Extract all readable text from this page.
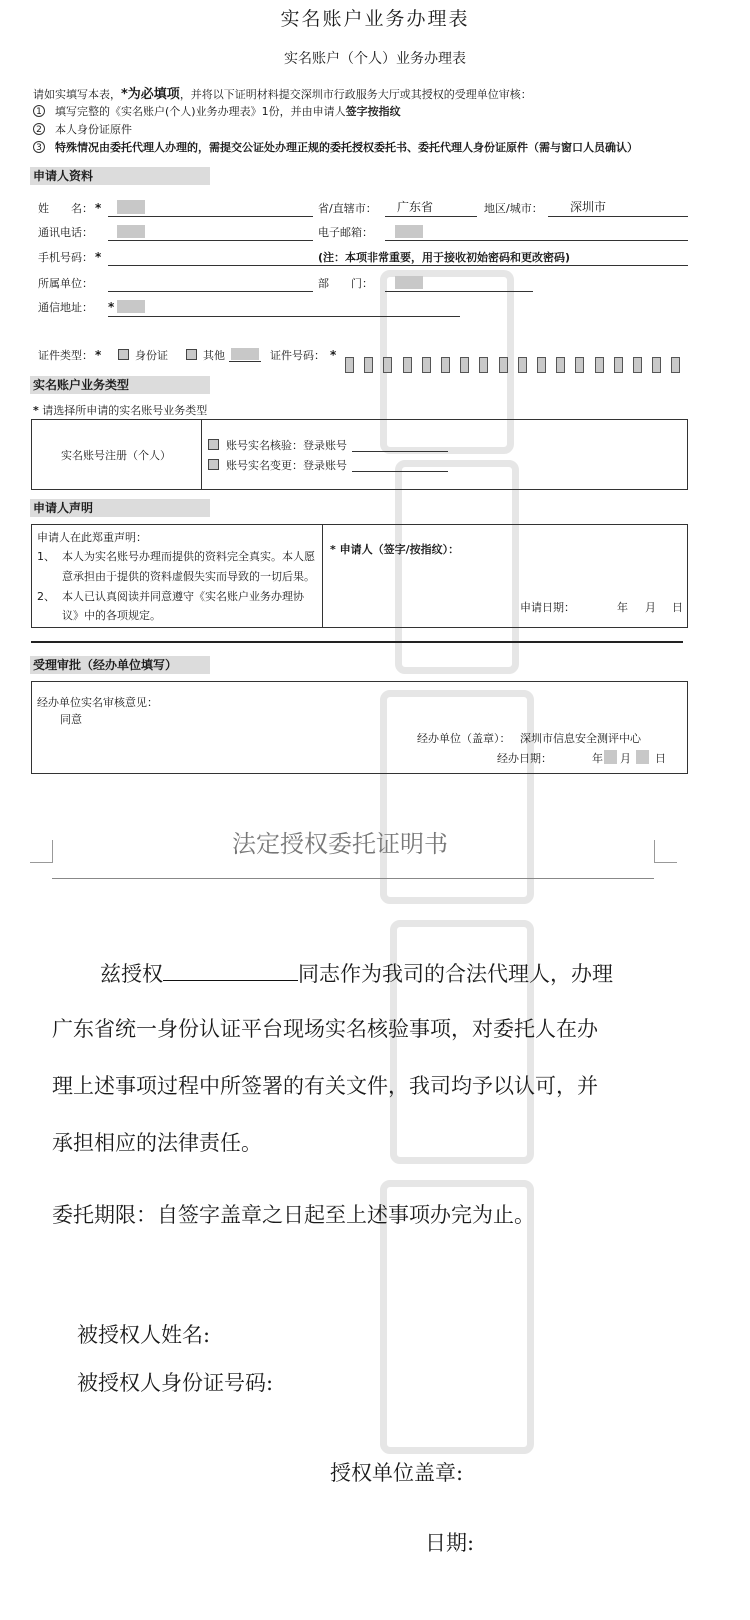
实名账户业务办理表
实名账户（个人）业务办理表
请如实填写本表，*为必填项，并将以下证明材料提交深圳市行政服务大厅或其授权的受理单位审核：
1 填写完整的《实名账户(个人)业务办理表》1份，并由申请人签字按指纹
2 本人身份证原件
3 特殊情况由委托代理人办理的，需提交公证处办理正规的委托授权委托书、委托代理人身份证原件（需与窗口人员确认）
申请人资料
姓　　名： *	省/直辖市： 广东省	地区/城市： 深圳市
通讯电话：	电子邮箱：
手机号码： *	(注：本项非常重要，用于接收初始密码和更改密码)
所属单位：	部　　门：
通信地址： *
证件类型： *	身份证	其他	证件号码： *
实名账户业务类型
* 请选择所申请的实名账号业务类型
实名账号注册（个人）
账号实名核验：登录账号
账号实名变更：登录账号
申请人声明
申请人在此郑重声明：
1、 本人为实名账号办理而提供的资料完全真实。本人愿
意承担由于提供的资料虚假失实而导致的一切后果。
2、 本人已认真阅读并同意遵守《实名账户业务办理协
议》中的各项规定。
* 申请人（签字/按指纹）：
申请日期：	年 月 日
受理审批（经办单位填写）
经办单位实名审核意见：
同意
经办单位（盖章）： 深圳市信息安全测评中心
经办日期：	年 月 日
法定授权委托证明书
兹授权	同志作为我司的合法代理人，办理
广东省统一身份认证平台现场实名核验事项，对委托人在办
理上述事项过程中所签署的有关文件，我司均予以认可，并
承担相应的法律责任。
委托期限：自签字盖章之日起至上述事项办完为止。
被授权人姓名:
被授权人身份证号码:
授权单位盖章:
日期:
